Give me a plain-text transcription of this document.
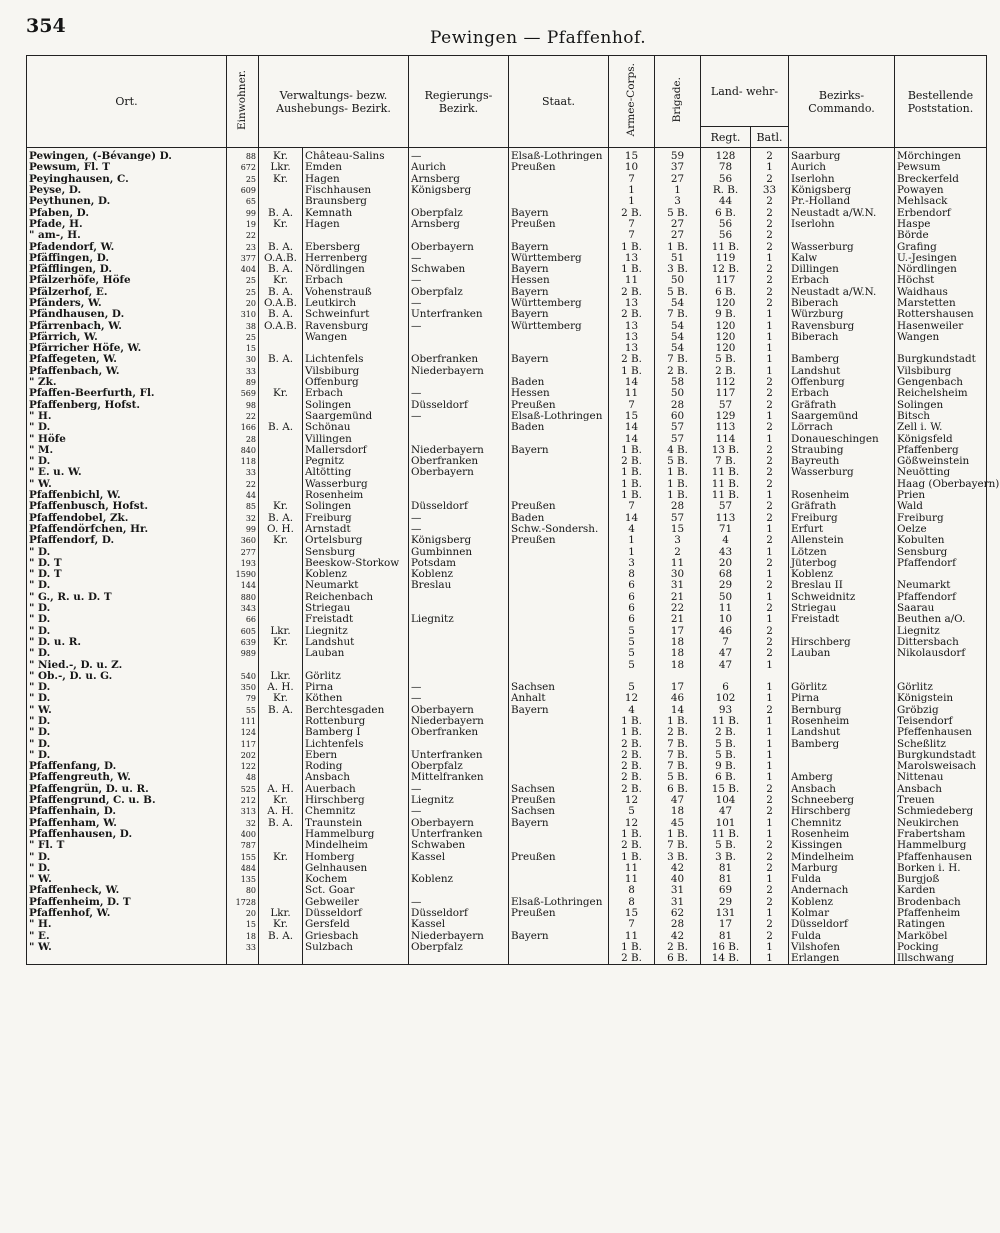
354
Pewingen — Pfaffenhof.
Ort.	Einwohner.	Verwaltungs- bezw. Aushebungs- Bezirk.		Regierungs- Bezirk.	Staat.	Armee-Corps.	Brigade.	Land- wehr-		Bezirks- Commando.	Bestellende Poststation.
								Regt.	Batl.		
Pewingen, (-Bévange) D.	88	Kr.	Château-Salins	—	Elsaß-Lothringen	15	59	128	2	Saarburg	Mörchingen
Pewsum, Fl. T	672	Lkr.	Emden	Aurich	Preußen	10	37	78	1	Aurich	Pewsum
Peyinghausen, C.	25	Kr.	Hagen	Arnsberg		7	27	56	2	Iserlohn	Breckerfeld
Peyse, D.	609		Fischhausen	Königsberg		1	1	R. B.	33	Königsberg	Powayen
Peythunen, D.	65		Braunsberg			1	3	44	2	Pr.-Holland	Mehlsack
Pfaben, D.	99	B. A.	Kemnath	Oberpfalz	Bayern	2 B.	5 B.	6 B.	2	Neustadt a/W.N.	Erbendorf
Pfade, H.	19	Kr.	Hagen	Arnsberg	Preußen	7	27	56	2	Iserlohn	Haspe
" am-, H.	22					7	27	56	2		Börde
Pfadendorf, W.	23	B. A.	Ebersberg	Oberbayern	Bayern	1 B.	1 B.	11 B.	2	Wasserburg	Grafing
Pfäffingen, D.	377	O.A.B.	Herrenberg	—	Württemberg	13	51	119	1	Kalw	U.-Jesingen
Pfäfflingen, D.	404	B. A.	Nördlingen	Schwaben	Bayern	1 B.	3 B.	12 B.	2	Dillingen	Nördlingen
Pfälzerhöfe, Höfe	25	Kr.	Erbach	—	Hessen	11	50	117	2	Erbach	Höchst
Pfälzerhof, E.	25	B. A.	Vohenstrauß	Oberpfalz	Bayern	2 B.	5 B.	6 B.	2	Neustadt a/W.N.	Waidhaus
Pfänders, W.	20	O.A.B.	Leutkirch	—	Württemberg	13	54	120	2	Biberach	Marstetten
Pfändhausen, D.	310	B. A.	Schweinfurt	Unterfranken	Bayern	2 B.	7 B.	9 B.	1	Würzburg	Rottershausen
Pfärrenbach, W.	38	O.A.B.	Ravensburg	—	Württemberg	13	54	120	1	Ravensburg	Hasenweiler
Pfärrich, W.	25		Wangen			13	54	120	1	Biberach	Wangen
Pfärricher Höfe, W.	15					13	54	120	1		
Pfaffegeten, W.	30	B. A.	Lichtenfels	Oberfranken	Bayern	2 B.	7 B.	5 B.	1	Bamberg	Burgkundstadt
Pfaffenbach, W.	33		Vilsbiburg	Niederbayern		1 B.	2 B.	2 B.	1	Landshut	Vilsbiburg
" Zk.	89		Offenburg		Baden	14	58	112	2	Offenburg	Gengenbach
Pfaffen-Beerfurth, Fl.	569	Kr.	Erbach	—	Hessen	11	50	117	2	Erbach	Reichelsheim
Pfaffenberg, Hofst.	98		Solingen	Düsseldorf	Preußen	7	28	57	2	Gräfrath	Solingen
" H.	22		Saargemünd	—	Elsaß-Lothringen	15	60	129	1	Saargemünd	Bitsch
" D.	166	B. A.	Schönau		Baden	14	57	113	2	Lörrach	Zell i. W.
" Höfe	28		Villingen			14	57	114	1	Donaueschingen	Königsfeld
" M.	840		Mallersdorf	Niederbayern	Bayern	1 B.	4 B.	13 B.	2	Straubing	Pfaffenberg
" D.	118		Pegnitz	Oberfranken		2 B.	5 B.	7 B.	2	Bayreuth	Gößweinstein
" E. u. W.	33		Altötting	Oberbayern		1 B.	1 B.	11 B.	2	Wasserburg	Neuötting
" W.	22		Wasserburg			1 B.	1 B.	11 B.	2		Haag (Oberbayern)
Pfaffenbichl, W.	44		Rosenheim			1 B.	1 B.	11 B.	1	Rosenheim	Prien
Pfaffenbusch, Hofst.	85	Kr.	Solingen	Düsseldorf	Preußen	7	28	57	2	Gräfrath	Wald
Pfaffendobel, Zk.	32	B. A.	Freiburg	—	Baden	14	57	113	2	Freiburg	Freiburg
Pfaffendörfchen, Hr.	99	O. H.	Arnstadt	—	Schw.-Sondersh.	4	15	71	1	Erfurt	Oelze
Pfaffendorf, D.	360	Kr.	Ortelsburg	Königsberg	Preußen	1	3	4	2	Allenstein	Kobulten
" D.	277		Sensburg	Gumbinnen		1	2	43	1	Lötzen	Sensburg
" D. T	193		Beeskow-Storkow	Potsdam		3	11	20	2	Jüterbog	Pfaffendorf
" D. T	1590		Koblenz	Koblenz		8	30	68	1	Koblenz	
" D.	144		Neumarkt	Breslau		6	31	29	2	Breslau II	Neumarkt
" G., R. u. D. T	880		Reichenbach			6	21	50	1	Schweidnitz	Pfaffendorf
" D.	343		Striegau			6	22	11	2	Striegau	Saarau
" D.	66		Freistadt	Liegnitz		6	21	10	1	Freistadt	Beuthen a/O.
" D.	605	Lkr.	Liegnitz			5	17	46	2		Liegnitz
" D. u. R.	639	Kr.	Landshut			5	18	7	2	Hirschberg	Dittersbach
" D.	989		Lauban			5	18	47	2	Lauban	Nikolausdorf
" Nied.-, D. u. Z.						5	18	47	1		
" Ob.-, D. u. G.	540	Lkr.	Görlitz								
" D.	350	A. H.	Pirna	—	Sachsen	5	17	6	1	Görlitz	Görlitz
" D.	79	Kr.	Köthen	—	Anhalt	12	46	102	1	Pirna	Königstein
" W.	55	B. A.	Berchtesgaden	Oberbayern	Bayern	4	14	93	2	Bernburg	Gröbzig
" D.	111		Rottenburg	Niederbayern		1 B.	1 B.	11 B.	1	Rosenheim	Teisendorf
" D.	124		Bamberg I	Oberfranken		1 B.	2 B.	2 B.	1	Landshut	Pfeffenhausen
" D.	117		Lichtenfels			2 B.	7 B.	5 B.	1	Bamberg	Scheßlitz
" D.	202		Ebern	Unterfranken		2 B.	7 B.	5 B.	1		Burgkundstadt
Pfaffenfang, D.	122		Roding	Oberpfalz		2 B.	7 B.	9 B.	1		Marolsweisach
Pfaffengreuth, W.	48		Ansbach	Mittelfranken		2 B.	5 B.	6 B.	1	Amberg	Nittenau
Pfaffengrün, D. u. R.	525	A. H.	Auerbach	—	Sachsen	2 B.	6 B.	15 B.	2	Ansbach	Ansbach
Pfaffengrund, C. u. B.	212	Kr.	Hirschberg	Liegnitz	Preußen	12	47	104	2	Schneeberg	Treuen
Pfaffenhain, D.	313	A. H.	Chemnitz	—	Sachsen	5	18	47	2	Hirschberg	Schmiedeberg
Pfaffenham, W.	32	B. A.	Traunstein	Oberbayern	Bayern	12	45	101	1	Chemnitz	Neukirchen
Pfaffenhausen, D.	400		Hammelburg	Unterfranken		1 B.	1 B.	11 B.	1	Rosenheim	Frabertsham
" Fl. T	787		Mindelheim	Schwaben		2 B.	7 B.	5 B.	2	Kissingen	Hammelburg
" D.	155	Kr.	Homberg	Kassel	Preußen	1 B.	3 B.	3 B.	2	Mindelheim	Pfaffenhausen
" D.	484		Gelnhausen			11	42	81	2	Marburg	Borken i. H.
" W.	135		Kochem	Koblenz		11	40	81	1	Fulda	Burgjoß
Pfaffenheck, W.	80		Sct. Goar			8	31	69	2	Andernach	Karden
Pfaffenheim, D. T	1728		Gebweiler	—	Elsaß-Lothringen	8	31	29	2	Koblenz	Brodenbach
Pfaffenhof, W.	20	Lkr.	Düsseldorf	Düsseldorf	Preußen	15	62	131	1	Kolmar	Pfaffenheim
" H.	15	Kr.	Gersfeld	Kassel		7	28	17	2	Düsseldorf	Ratingen
" E.	18	B. A.	Griesbach	Niederbayern	Bayern	11	42	81	2	Fulda	Marköbel
" W.	33		Sulzbach	Oberpfalz		1 B.	2 B.	16 B.	1	Vilshofen	Pocking
						2 B.	6 B.	14 B.	1	Erlangen	Illschwang
